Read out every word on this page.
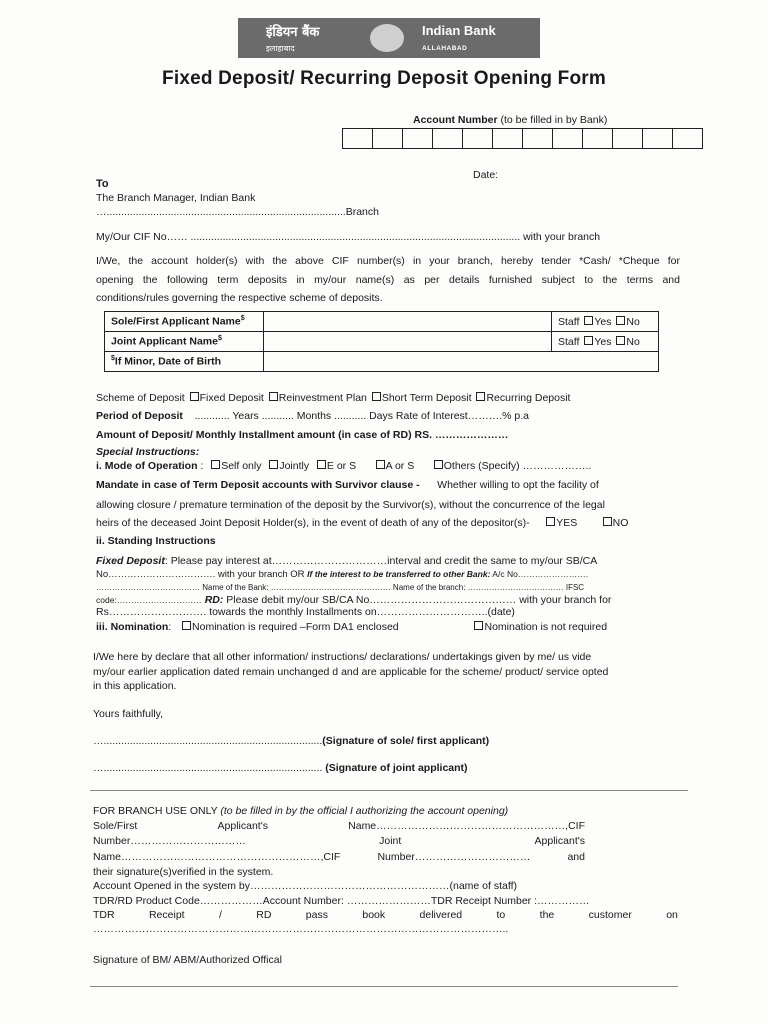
इंडियन बैंक
इलाहाबाद
Indian Bank
ALLAHABAD
Fixed Deposit/ Recurring Deposit Opening Form
Account Number (to be filled in by Bank)
Date:
To
The Branch Manager, Indian Bank
…..................................................................................Branch
My/Our CIF No…… ................................................................................................................. with your branch
I/We, the account holder(s) with the above CIF number(s) in your branch, hereby tender *Cash/ *Cheque for
opening the following term deposits in my/our name(s) as per details furnished subject to the terms and
conditions/rules governing the respective scheme of deposits.
Sole/First Applicant Name$		Staff Yes No
Joint Applicant Name$		Staff Yes No
$If Minor, Date of Birth		
Scheme of Deposit Fixed Deposit Reinvestment Plan Short Term Deposit Recurring Deposit
Period of Deposit ............ Years ........... Months ........... Days Rate of Interest……….% p.a
Amount of Deposit/ Monthly Installment amount (in case of RD) RS. …………………
Special Instructions:
i. Mode of Operation : Self only Jointly E or S	A or S	Others (Specify) ………………..
Mandate in case of Term Deposit accounts with Survivor clause - Whether willing to opt the facility of
allowing closure / premature termination of the deposit by the Survivor(s), without the concurrence of the legal
heirs of the deceased Joint Deposit Holder(s), in the event of death of any of the depositor(s)-	YES	NO
ii. Standing Instructions
Fixed Deposit: Please pay interest at……………………………interval and credit the same to my/our SB/CA
No……………………………. with your branch OR If the interest to be transferred to other Bank: A/c No…………………….
………………………………… Name of the Bank: ……………………………………… Name of the branch: ……………………………… IFSC
code:………………………… RD: Please debit my/our SB/CA No…………………………………… with your branch for
Rs………………………. towards the monthly Installments on…………………………..(date)
iii. Nomination: Nomination is required –Form DA1 enclosed	Nomination is not required
I/We here by declare that all other information/ instructions/ declarations/ undertakings given by me/ us vide
my/our earlier application dated remain unchanged d and are applicable for the scheme/ product/ service opted
in this application.
Yours faithfully,
…...........................................................................(Signature of sole/ first applicant)
…........................................................................... (Signature of joint applicant)
FOR BRANCH USE ONLY (to be filled in by the official I authorizing the account opening)
Sole/First	Applicant's	Name………………………………………………,CIF
Number……………………………	Joint	Applicant's
Name…………………………………………………,CIF	Number……………………………	and
their signature(s)verified in the system.
Account Opened in the system by…………………………………………………(name of staff)
TDR/RD Product Code………………Account Number: ……………………TDR Receipt Number :……………
TDR	Receipt	/	RD	pass	book	delivered	to	the	customer	on
………………………………………………………………………………………………………..
Signature of BM/ ABM/Authorized Offical
